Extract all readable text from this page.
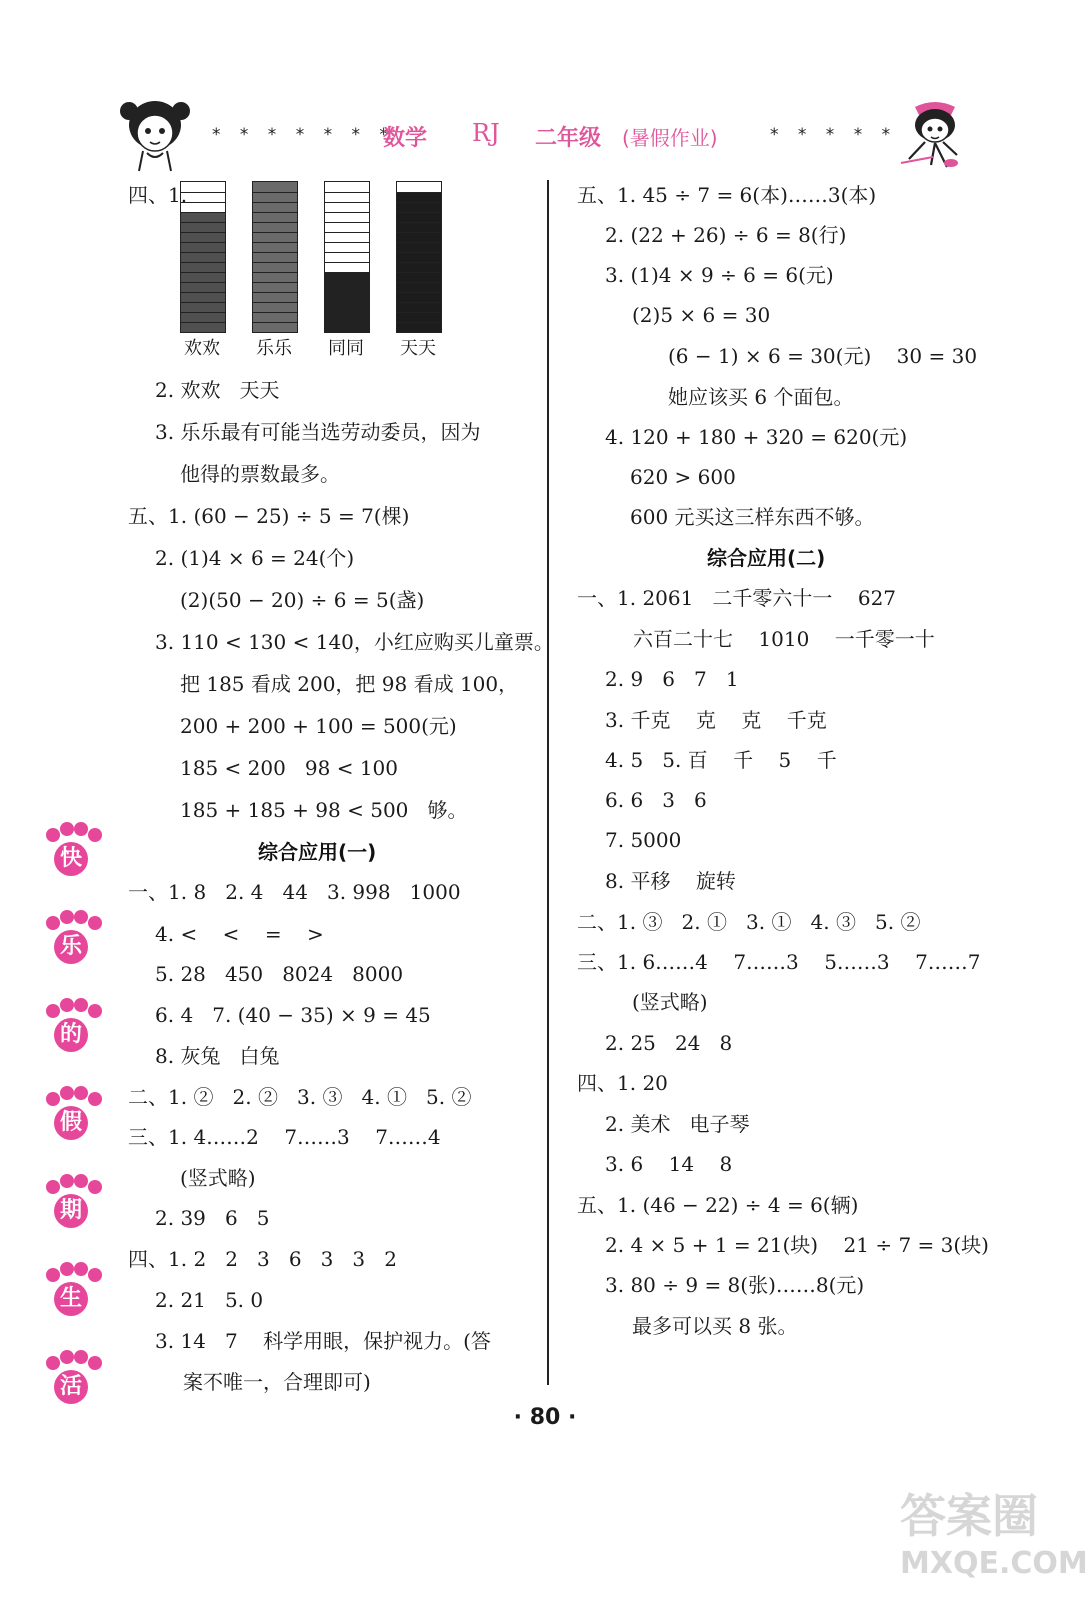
* * * * * * *
数学 RJ 二年级 (暑假作业)	* * * * *
欢欢	乐乐	同同	天天
四、1.
2. 欢欢   天天
3. 乐乐最有可能当选劳动委员，因为
他得的票数最多。
五、1. (60 − 25) ÷ 5 = 7(棵)
2. (1)4 × 6 = 24(个)
(2)(50 − 20) ÷ 6 = 5(盏)
3. 110 < 130 < 140，小红应购买儿童票。
把 185 看成 200，把 98 看成 100，
200 + 200 + 100 = 500(元)
185 < 200   98 < 100
185 + 185 + 98 < 500   够。
综合应用(一)
一、1. 8   2. 4   44   3. 998   1000
4. <    <    =    >
5. 28   450   8024   8000
6. 4   7. (40 − 35) × 9 = 45
8. 灰兔   白兔
二、1. ②   2. ②   3. ③   4. ①   5. ②
三、1. 4……2    7……3    7……4
(竖式略)
2. 39   6   5
四、1. 2   2   3   6   3   3   2
2. 21   5. 0
3. 14   7    科学用眼，保护视力。(答
案不唯一，合理即可)
五、1. 45 ÷ 7 = 6(本)……3(本)
2. (22 + 26) ÷ 6 = 8(行)
3. (1)4 × 9 ÷ 6 = 6(元)
(2)5 × 6 = 30
(6 − 1) × 6 = 30(元)    30 = 30
她应该买 6 个面包。
4. 120 + 180 + 320 = 620(元)
620 > 600
600 元买这三样东西不够。
综合应用(二)
一、1. 2061   二千零六十一    627
六百二十七    1010    一千零一十
2. 9   6   7   1
3. 千克    克    克    千克
4. 5   5. 百    千    5    千
6. 6   3   6
7. 5000
8. 平移    旋转
二、1. ③   2. ①   3. ①   4. ③   5. ②
三、1. 6……4    7……3    5……3    7……7
(竖式略)
2. 25   24   8
四、1. 20
2. 美术   电子琴
3. 6    14    8
五、1. (46 − 22) ÷ 4 = 6(辆)
2. 4 × 5 + 1 = 21(块)    21 ÷ 7 = 3(块)
3. 80 ÷ 9 = 8(张)……8(元)
最多可以买 8 张。
快
乐
的
假
期
生
活
· 80 ·
答案圈
MXQE.COM
